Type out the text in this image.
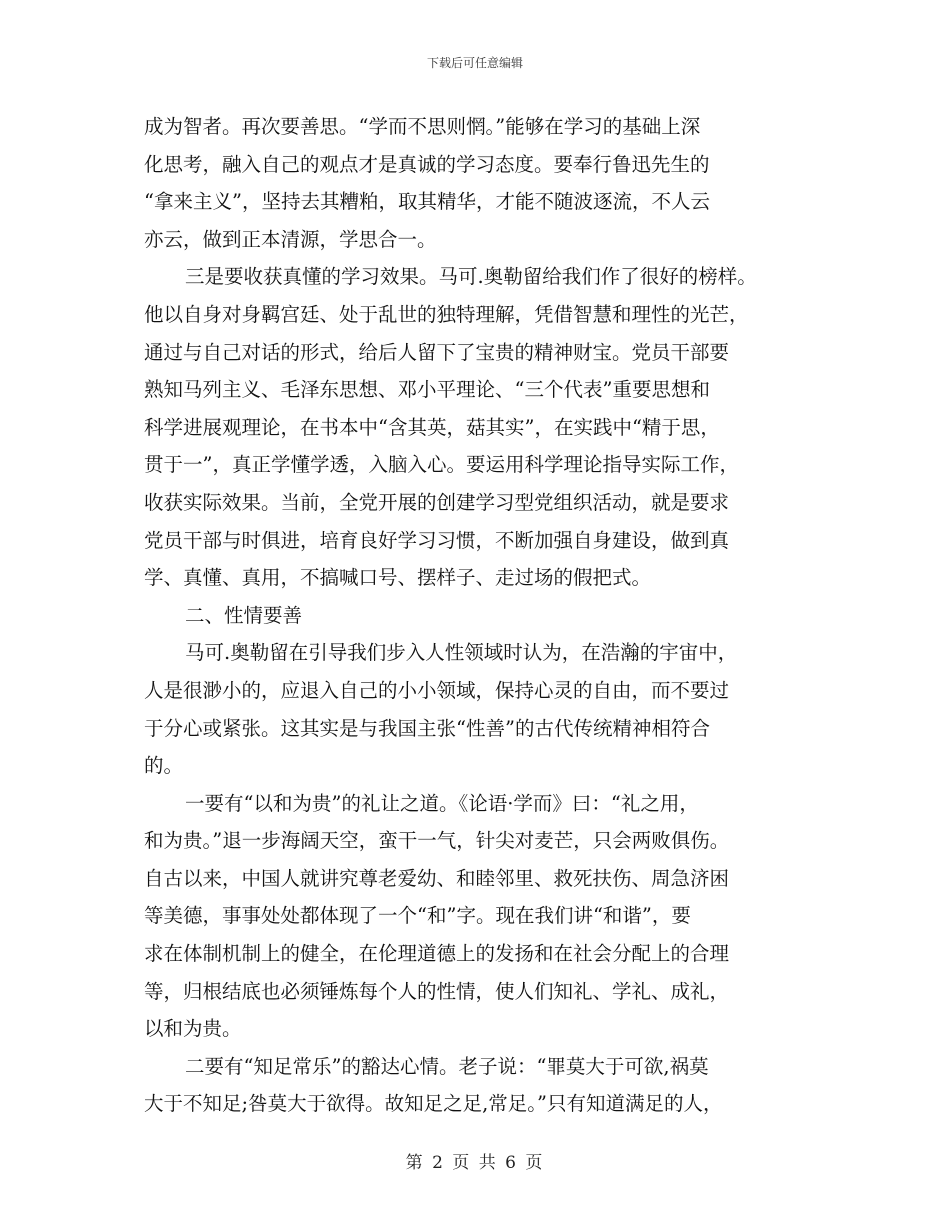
下载后可任意编辑
成为智者。再次要善思。“学而不思则惘。”能够在学习的基础上深
化思考，融入自己的观点才是真诚的学习态度。要奉行鲁迅先生的
“拿来主义”，坚持去其糟粕，取其精华，才能不随波逐流，不人云
亦云，做到正本清源，学思合一。
三是要收获真懂的学习效果。马可.奥勒留给我们作了很好的榜样。
他以自身对身羁宫廷、处于乱世的独特理解，凭借智慧和理性的光芒，
通过与自己对话的形式，给后人留下了宝贵的精神财宝。党员干部要
熟知马列主义、毛泽东思想、邓小平理论、“三个代表”重要思想和
科学进展观理论，在书本中“含其英，菇其实”，在实践中“精于思，
贯于一”，真正学懂学透，入脑入心。要运用科学理论指导实际工作，
收获实际效果。当前，全党开展的创建学习型党组织活动，就是要求
党员干部与时俱进，培育良好学习习惯，不断加强自身建设，做到真
学、真懂、真用，不搞喊口号、摆样子、走过场的假把式。
二、性情要善
马可.奥勒留在引导我们步入人性领域时认为，在浩瀚的宇宙中，
人是很渺小的，应退入自己的小小领域，保持心灵的自由，而不要过
于分心或紧张。这其实是与我国主张“性善”的古代传统精神相符合
的。
一要有“以和为贵”的礼让之道。《论语·学而》曰：“礼之用，
和为贵。”退一步海阔天空，蛮干一气，针尖对麦芒，只会两败俱伤。
自古以来，中国人就讲究尊老爱幼、和睦邻里、救死扶伤、周急济困
等美德，事事处处都体现了一个“和”字。现在我们讲“和谐”，要
求在体制机制上的健全，在伦理道德上的发扬和在社会分配上的合理
等，归根结底也必须锤炼每个人的性情，使人们知礼、学礼、成礼，
以和为贵。
二要有“知足常乐”的豁达心情。老子说：“罪莫大于可欲,祸莫
大于不知足;咎莫大于欲得。故知足之足,常足。”只有知道满足的人，
第 2 页 共 6 页
